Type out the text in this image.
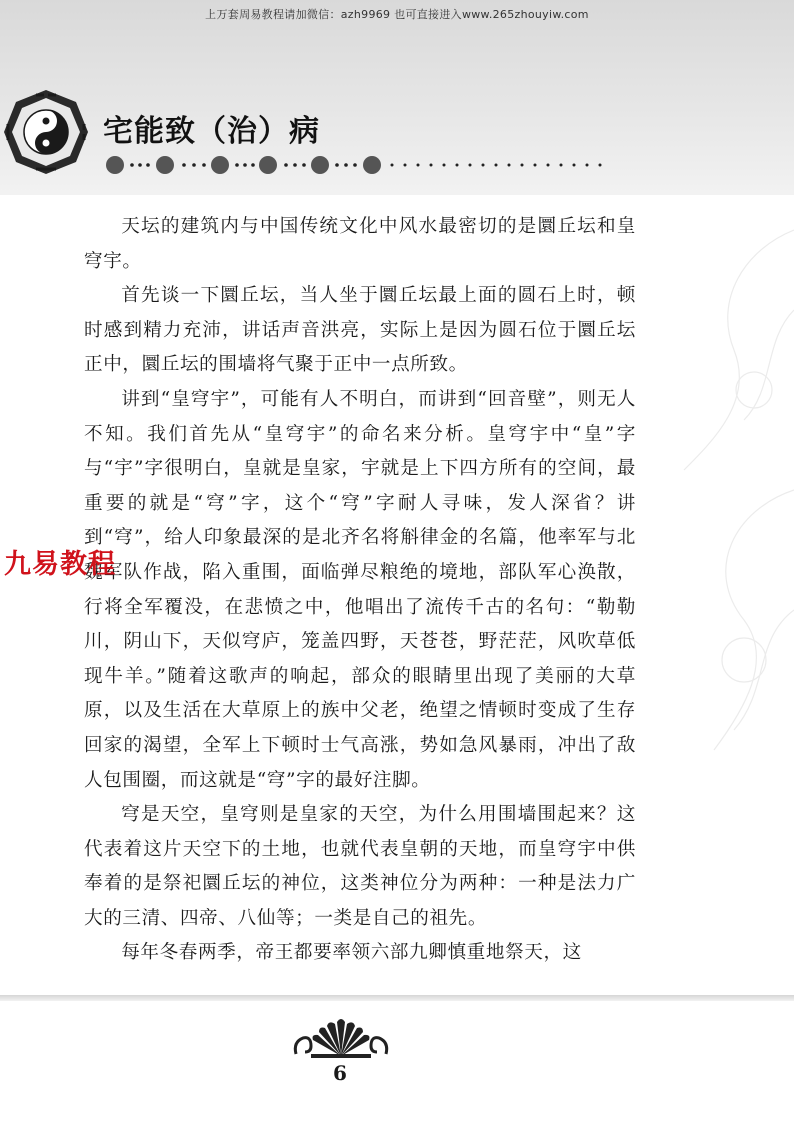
上万套周易教程请加微信：azh9969 也可直接进入www.265zhouyiw.com
宅能致（治）病

天坛的建筑内与中国传统文化中风水最密切的是圜丘坛和皇穹宇。

首先谈一下圜丘坛，当人坐于圜丘坛最上面的圆石上时，顿时感到精力充沛，讲话声音洪亮，实际上是因为圆石位于圜丘坛正中，圜丘坛的围墙将气聚于正中一点所致。

讲到“皇穹宇”，可能有人不明白，而讲到“回音壁”，则无人不知。我们首先从“皇穹宇”的命名来分析。皇穹宇中“皇”字与“宇”字很明白，皇就是皇家，宇就是上下四方所有的空间，最重要的就是“穹”字，这个“穹”字耐人寻味，发人深省？讲到“穹”，给人印象最深的是北齐名将斛律金的名篇，他率军与北魏军队作战，陷入重围，面临弹尽粮绝的境地，部队军心涣散，行将全军覆没，在悲愤之中，他唱出了流传千古的名句：“勒勒川，阴山下，天似穹庐，笼盖四野，天苍苍，野茫茫，风吹草低现牛羊。”随着这歌声的响起，部众的眼睛里出现了美丽的大草原，以及生活在大草原上的族中父老，绝望之情顿时变成了生存回家的渴望，全军上下顿时士气高涨，势如急风暴雨，冲出了敌人包围圈，而这就是“穹”字的最好注脚。

穹是天空，皇穹则是皇家的天空，为什么用围墙围起来？这代表着这片天空下的土地，也就代表皇朝的天地，而皇穹宇中供奉着的是祭祀圜丘坛的神位，这类神位分为两种：一种是法力广大的三清、四帝、八仙等；一类是自己的祖先。

每年冬春两季，帝王都要率领六部九卿慎重地祭天，这

九易教程
6
